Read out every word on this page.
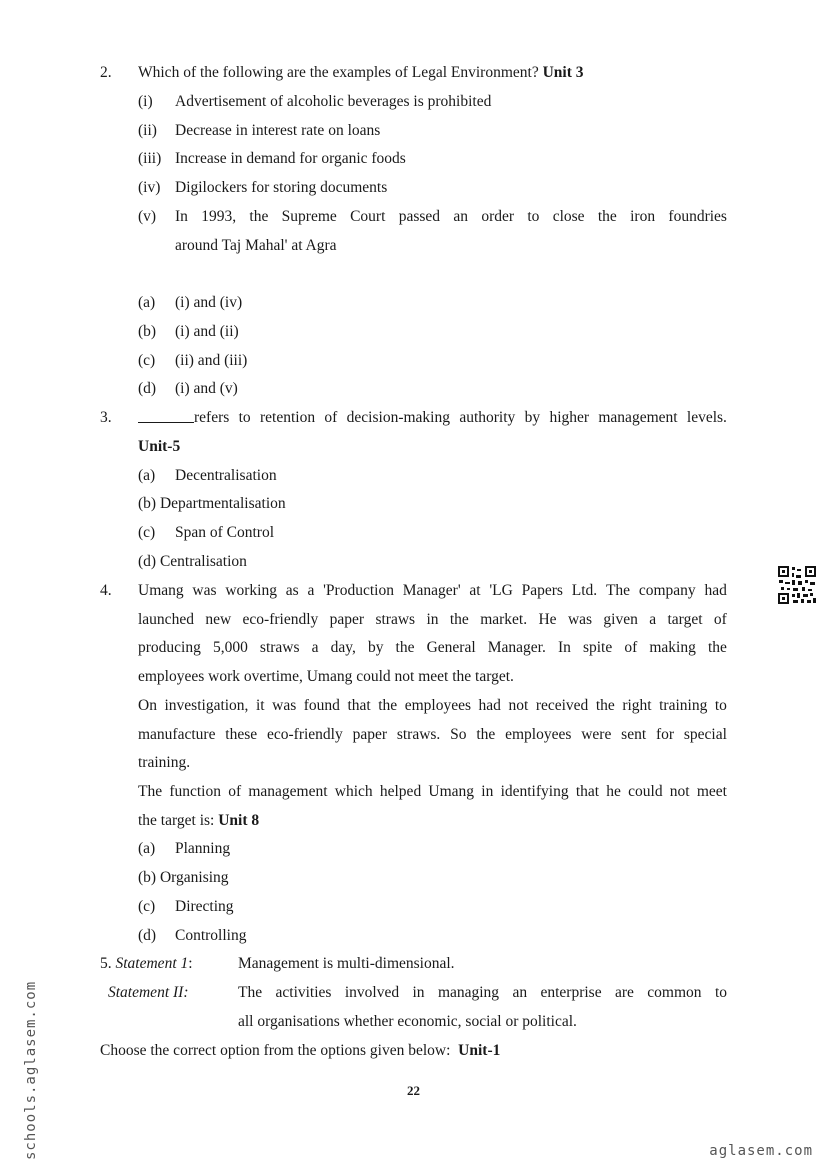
2. Which of the following are the examples of Legal Environment? Unit 3
(i) Advertisement of alcoholic beverages is prohibited
(ii) Decrease in interest rate on loans
(iii) Increase in demand for organic foods
(iv) Digilockers for storing documents
(v) In 1993, the Supreme Court passed an order to close the iron foundries
around Taj Mahal' at Agra
(a) (i) and (iv)
(b) (i) and (ii)
(c) (ii) and (iii)
(d) (i) and (v)
3.	refers to retention of decision-making authority by higher management levels.
Unit-5
(a) Decentralisation
(b) Departmentalisation
(c) Span of Control
(d) Centralisation
4. Umang was working as a 'Production Manager' at 'LG Papers Ltd. The company had
launched new eco-friendly paper straws in the market. He was given a target of
producing 5,000 straws a day, by the General Manager. In spite of making the
employees work overtime, Umang could not meet the target.
On investigation, it was found that the employees had not received the right training to
manufacture these eco-friendly paper straws. So the employees were sent for special
training.
The function of management which helped Umang in identifying that he could not meet
the target is: Unit 8
(a) Planning
(b) Organising
(c) Directing
(d) Controlling
5. Statement 1:	Management is multi-dimensional.
Statement II:	The activities involved in managing an enterprise are common to
all organisations whether economic, social or political.
Choose the correct option from the options given below: Unit-1
22
schools.aglasem.com	aglasem.com
